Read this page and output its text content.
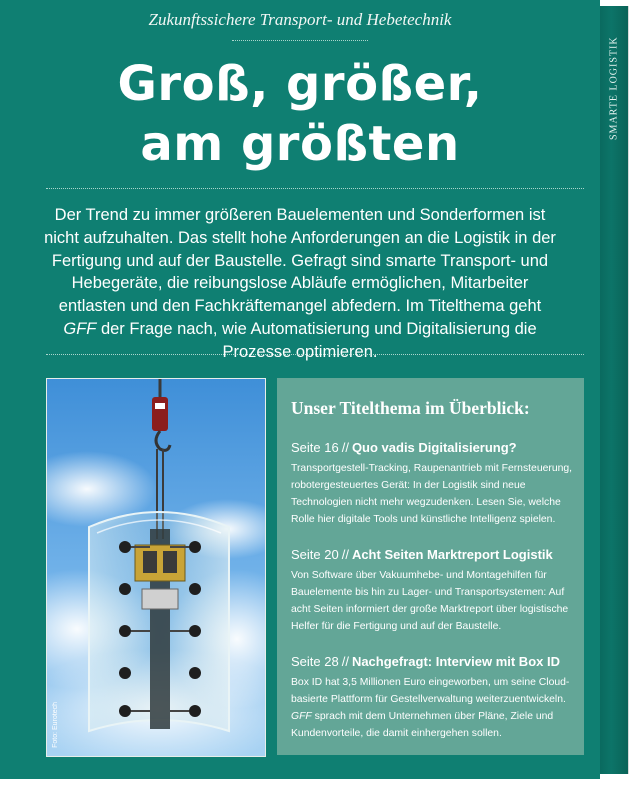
Zukunftssichere Transport- und Hebetechnik
Groß, größer,
am größten
Der Trend zu immer größeren Bauelementen und Sonderformen ist nicht aufzuhalten. Das stellt hohe Anforderungen an die Logistik in der Fertigung und auf der Baustelle. Gefragt sind smarte Transport- und Hebegeräte, die reibungslose Abläufe ermöglichen, Mitarbeiter entlasten und den Fachkräftemangel abfedern. Im Titelthema geht GFF der Frage nach, wie Automatisierung und Digitalisierung die Prozesse optimieren.
Foto: Eurotech
Unser Titelthema im Überblick:
Seite 16 // Quo vadis Digitalisierung?
Transportgestell-Tracking, Raupenantrieb mit Fernsteuerung, robotergesteuertes Gerät: In der Logistik sind neue Technologien nicht mehr wegzudenken. Lesen Sie, welche Rolle hier digitale Tools und künstliche Intelligenz spielen.
Seite 20 // Acht Seiten Marktreport Logistik
Von Software über Vakuumhebe- und Montagehilfen für Bauelemente bis hin zu Lager- und Transportsystemen: Auf acht Seiten informiert der große Marktreport über logistische Helfer für die Fertigung und auf der Baustelle.
Seite 28 // Nachgefragt: Interview mit Box ID
Box ID hat 3,5 Millionen Euro eingeworben, um seine Cloud-basierte Plattform für Gestellverwaltung weiterzuentwickeln. GFF sprach mit dem Unternehmen über Pläne, Ziele und Kundenvorteile, die damit einhergehen sollen.
SMARTE LOGISTIK
